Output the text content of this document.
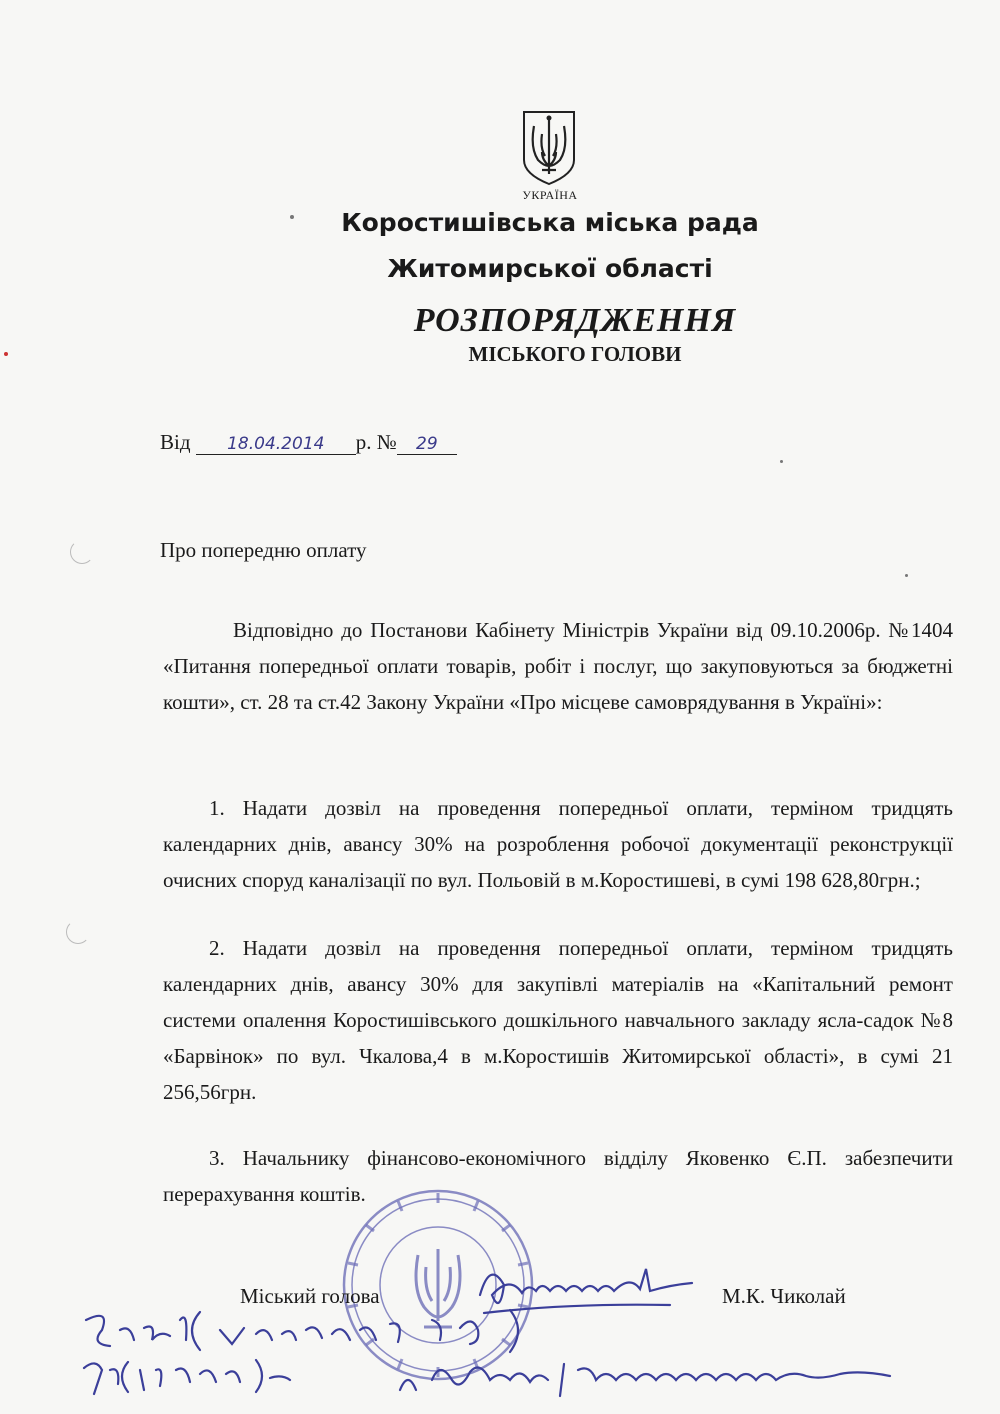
УКРАЇНА
Коростишівська міська рада
Житомирської області
РОЗПОРЯДЖЕННЯ
МІСЬКОГО ГОЛОВИ
Від 18.04.2014 р. № 29
Про попередню оплату
Відповідно до Постанови Кабінету Міністрів України від 09.10.2006р. №1404 «Питання попередньої оплати товарів, робіт і послуг, що закуповуються за бюджетні кошти», ст. 28 та ст.42 Закону України «Про місцеве самоврядування в Україні»:
1. Надати дозвіл на проведення попередньої оплати, терміном тридцять календарних днів, авансу 30% на розроблення робочої документації реконструкції очисних споруд каналізації по вул. Польовій в м.Коростишеві, в сумі 198 628,80грн.;
2. Надати дозвіл на проведення попередньої оплати, терміном тридцять календарних днів, авансу 30% для закупівлі матеріалів на «Капітальний ремонт системи опалення Коростишівського дошкільного навчального закладу ясла-садок №8 «Барвінок» по вул. Чкалова,4 в м.Коростишів Житомирської області», в сумі 21 256,56грн.
3. Начальнику фінансово-економічного відділу Яковенко Є.П. забезпечити перерахування коштів.
Міський голова	М.К. Чиколай
